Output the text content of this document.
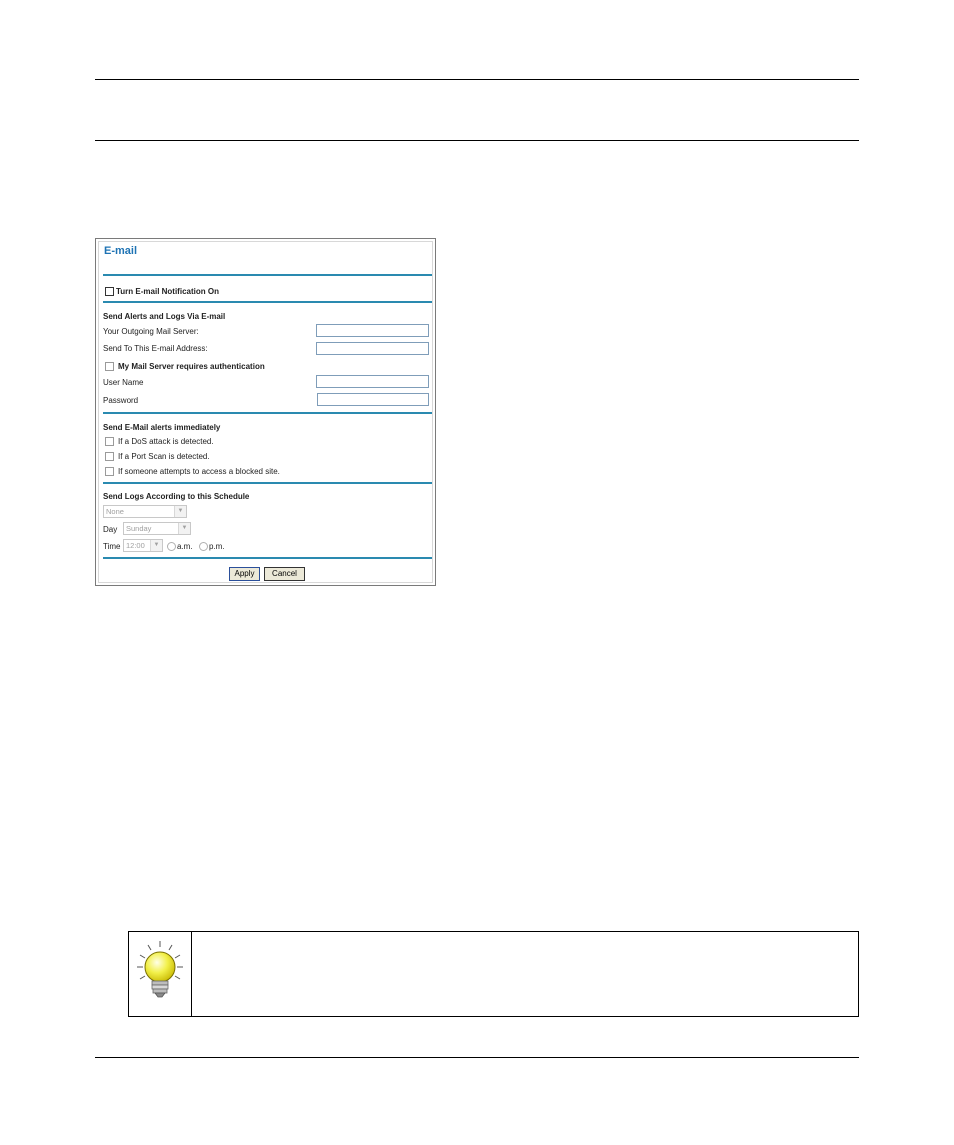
E-mail
Turn E-mail Notification On
Send Alerts and Logs Via E-mail
Your Outgoing Mail Server:
Send To This E-mail Address:
My Mail Server requires authentication
User Name
Password
Send E-Mail alerts immediately
If a DoS attack is detected.
If a Port Scan is detected.
If someone attempts to access a blocked site.
Send Logs According to this Schedule
None	▼
Day	Sunday	▼
Time 12:00	▼	a.m. p.m.
Apply	Cancel
